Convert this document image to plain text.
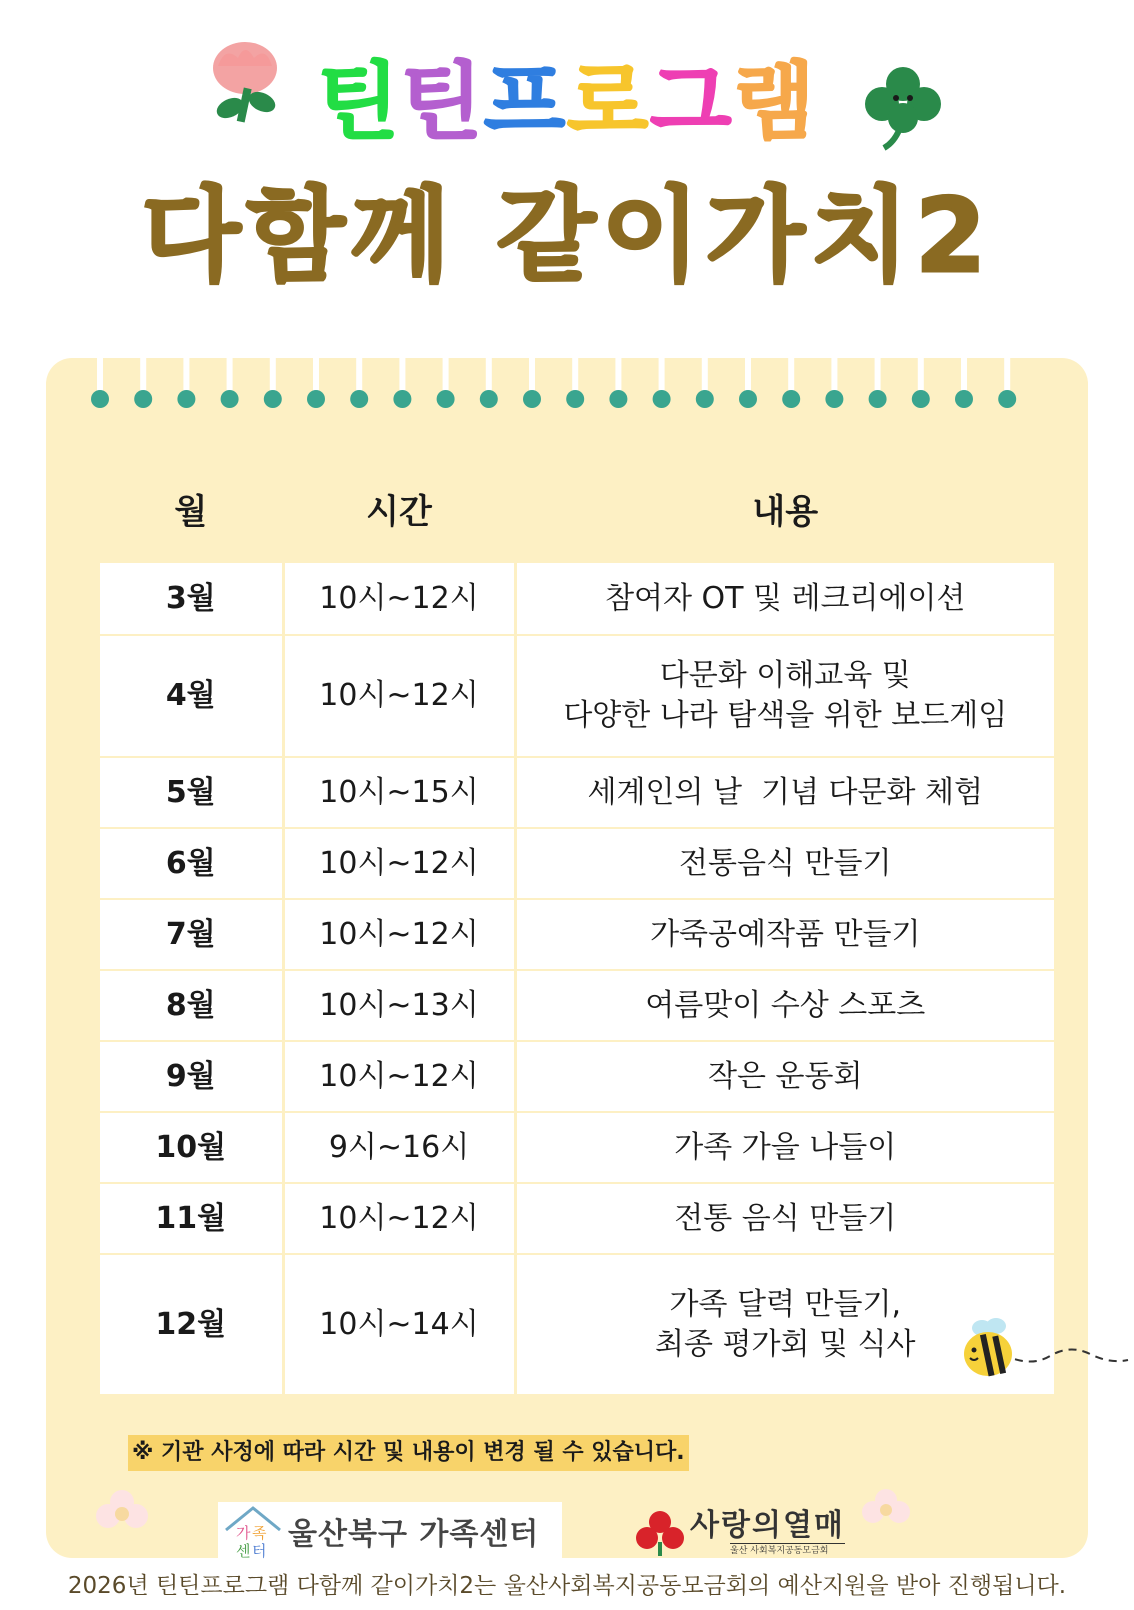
틴 틴 프 로 그 램
다함께 같이가치2
월	시간	내용
3월	10시~12시	참여자 OT 및 레크리에이션

4월	10시~12시	다문화 이해교육 및
다양한 나라 탐색을 위한 보드게임

5월	10시~15시	세계인의 날  기념 다문화 체험

6월	10시~12시	전통음식 만들기

7월	10시~12시	가죽공예작품 만들기

8월	10시~13시	여름맞이 수상 스포츠

9월	10시~12시	작은 운동회

10월	9시~16시	가족 가을 나들이

11월	10시~12시	전통 음식 만들기

12월	10시~14시	가족 달력 만들기,
최종 평가회 및 식사
※ 기관 사정에 따라 시간 및 내용이 변경 될 수 있습니다.
가 족
센 터 울산북구 가족센터	사랑의열매
울산 사회복지공동모금회
2026년 틴틴프로그램 다함께 같이가치2는 울산사회복지공동모금회의 예산지원을 받아 진행됩니다.
